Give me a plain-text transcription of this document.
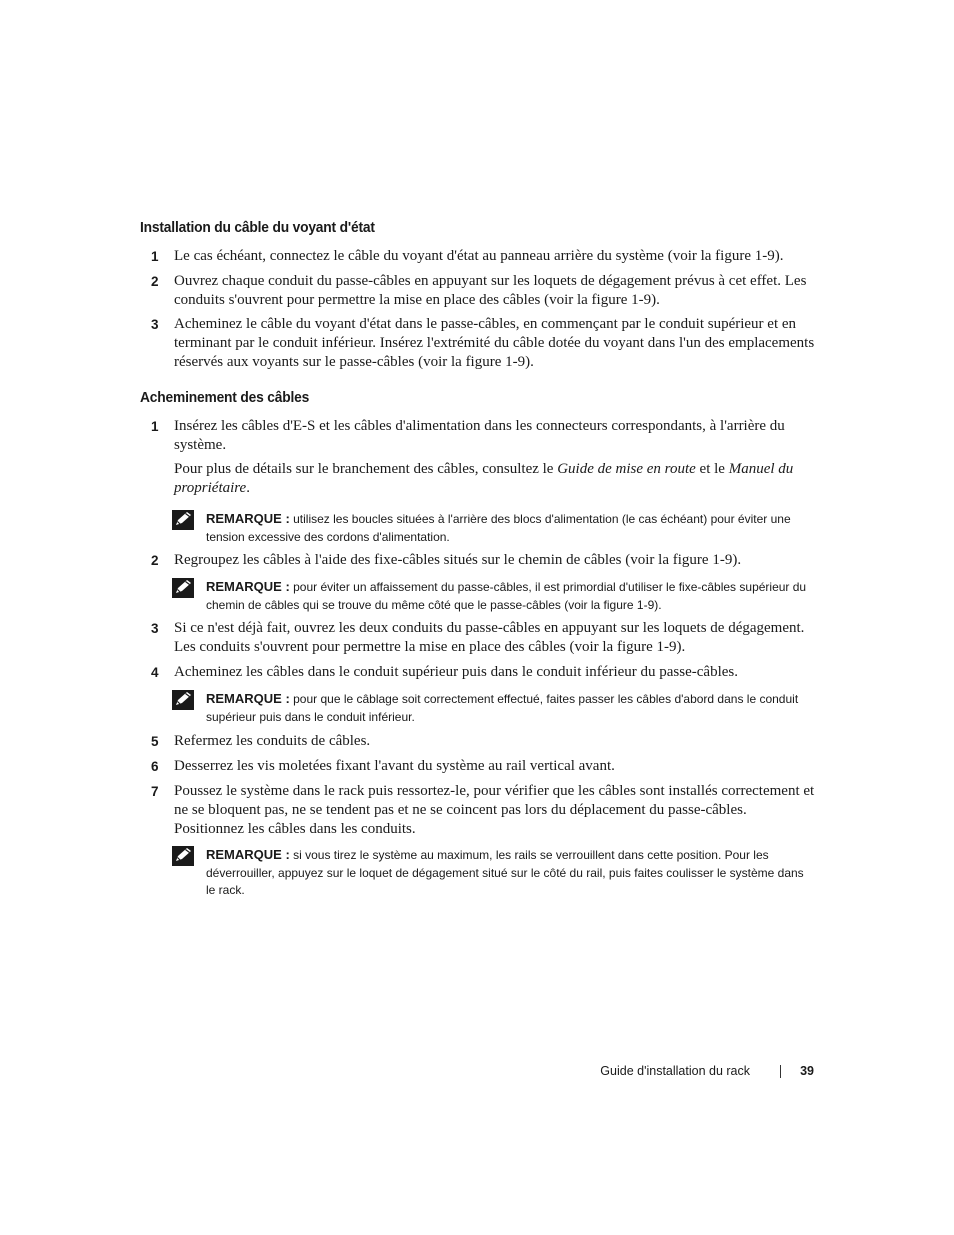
Installation du câble du voyant d'état
1 Le cas échéant, connectez le câble du voyant d'état au panneau arrière du système (voir la figure 1-9).

2 Ouvrez chaque conduit du passe-câbles en appuyant sur les loquets de dégagement prévus à cet effet. Les conduits s'ouvrent pour permettre la mise en place des câbles (voir la figure 1-9).

3 Acheminez le câble du voyant d'état dans le passe-câbles, en commençant par le conduit supérieur et en terminant par le conduit inférieur. Insérez l'extrémité du câble dotée du voyant dans l'un des emplacements réservés aux voyants sur le passe-câbles (voir la figure 1-9).

Acheminement des câbles
1 Insérez les câbles d'E-S et les câbles d'alimentation dans les connecteurs correspondants, à l'arrière du système.

Pour plus de détails sur le branchement des câbles, consultez le Guide de mise en route et le Manuel du propriétaire.

REMARQUE : utilisez les boucles situées à l'arrière des blocs d'alimentation (le cas échéant) pour éviter une tension excessive des cordons d'alimentation.

2 Regroupez les câbles à l'aide des fixe-câbles situés sur le chemin de câbles (voir la figure 1-9).

REMARQUE : pour éviter un affaissement du passe-câbles, il est primordial d'utiliser le fixe-câbles supérieur du chemin de câbles qui se trouve du même côté que le passe-câbles (voir la figure 1-9).

3 Si ce n'est déjà fait, ouvrez les deux conduits du passe-câbles en appuyant sur les loquets de dégagement. Les conduits s'ouvrent pour permettre la mise en place des câbles (voir la figure 1-9).

4 Acheminez les câbles dans le conduit supérieur puis dans le conduit inférieur du passe-câbles.

REMARQUE : pour que le câblage soit correctement effectué, faites passer les câbles d'abord dans le conduit supérieur puis dans le conduit inférieur.

5 Refermez les conduits de câbles.

6 Desserrez les vis moletées fixant l'avant du système au rail vertical avant.

7 Poussez le système dans le rack puis ressortez-le, pour vérifier que les câbles sont installés correctement et ne se bloquent pas, ne se tendent pas et ne se coincent pas lors du déplacement du passe-câbles. Positionnez les câbles dans les conduits.

REMARQUE : si vous tirez le système au maximum, les rails se verrouillent dans cette position. Pour les déverrouiller, appuyez sur le loquet de dégagement situé sur le côté du rail, puis faites coulisser le système dans le rack.

Guide d'installation du rack	39
